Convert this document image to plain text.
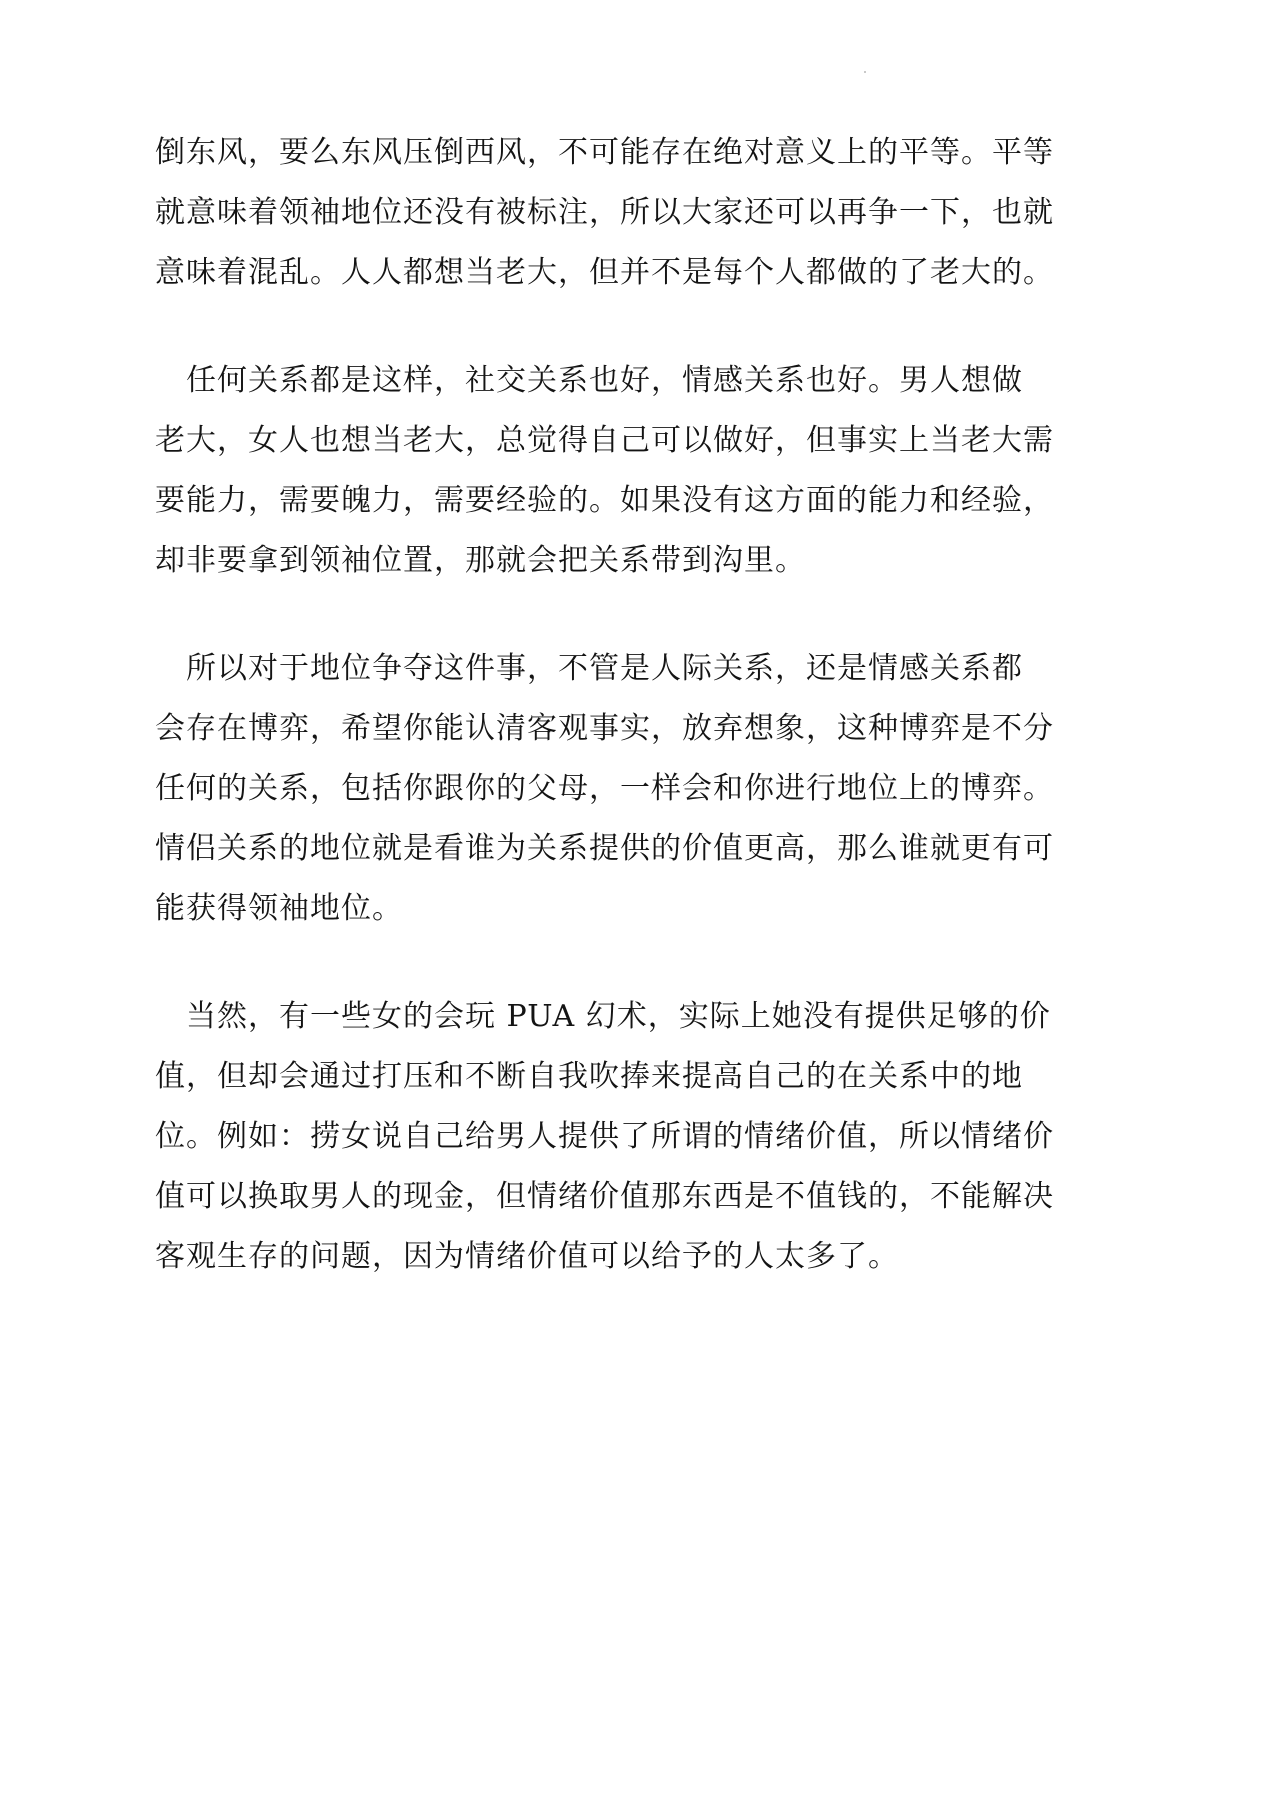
倒东风，要么东风压倒西风，不可能存在绝对意义上的平等。平等
就意味着领袖地位还没有被标注，所以大家还可以再争一下，也就
意味着混乱。人人都想当老大，但并不是每个人都做的了老大的。

　任何关系都是这样，社交关系也好，情感关系也好。男人想做
老大，女人也想当老大，总觉得自己可以做好，但事实上当老大需
要能力，需要魄力，需要经验的。如果没有这方面的能力和经验，
却非要拿到领袖位置，那就会把关系带到沟里。

　所以对于地位争夺这件事，不管是人际关系，还是情感关系都
会存在博弈，希望你能认清客观事实，放弃想象，这种博弈是不分
任何的关系，包括你跟你的父母，一样会和你进行地位上的博弈。
情侣关系的地位就是看谁为关系提供的价值更高，那么谁就更有可
能获得领袖地位。

　当然，有一些女的会玩 PUA 幻术，实际上她没有提供足够的价
值，但却会通过打压和不断自我吹捧来提高自己的在关系中的地
位。例如：捞女说自己给男人提供了所谓的情绪价值，所以情绪价
值可以换取男人的现金，但情绪价值那东西是不值钱的，不能解决
客观生存的问题，因为情绪价值可以给予的人太多了。
